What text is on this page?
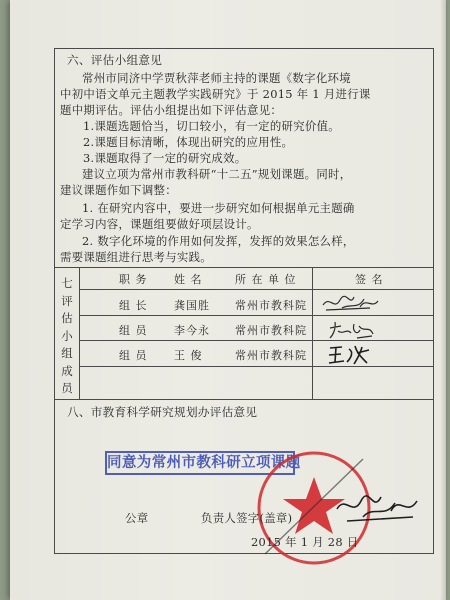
六、评估小组意见
常州市同济中学贾秋萍老师主持的课题《数字化环境
中初中语文单元主题教学实践研究》于 2015 年 1 月进行课
题中期评估。评估小组提出如下评估意见：
1.课题选题恰当，切口较小，有一定的研究价值。
2.课题目标清晰，体现出研究的应用性。
3.课题取得了一定的研究成效。
建议立项为常州市教科研“十二五”规划课题。同时，
建议课题作如下调整：
1. 在研究内容中，要进一步研究如何根据单元主题确
定学习内容，课题组要做好项层设计。
2. 数字化环境的作用如何发挥，发挥的效果怎么样，
需要课题组进行思考与实践。
七评估小组成员
职 务 姓 名	所 在 单 位	签 名
组 长 龚国胜 常州市教科院
组 员 李今永 常州市教科院
组 员 王 俊	常州市教科院
八、市教育科学研究规划办评估意见
同意为常州市教科研立项课题
公章	负责人签字(盖章)
2015 年 1 月 28 日
